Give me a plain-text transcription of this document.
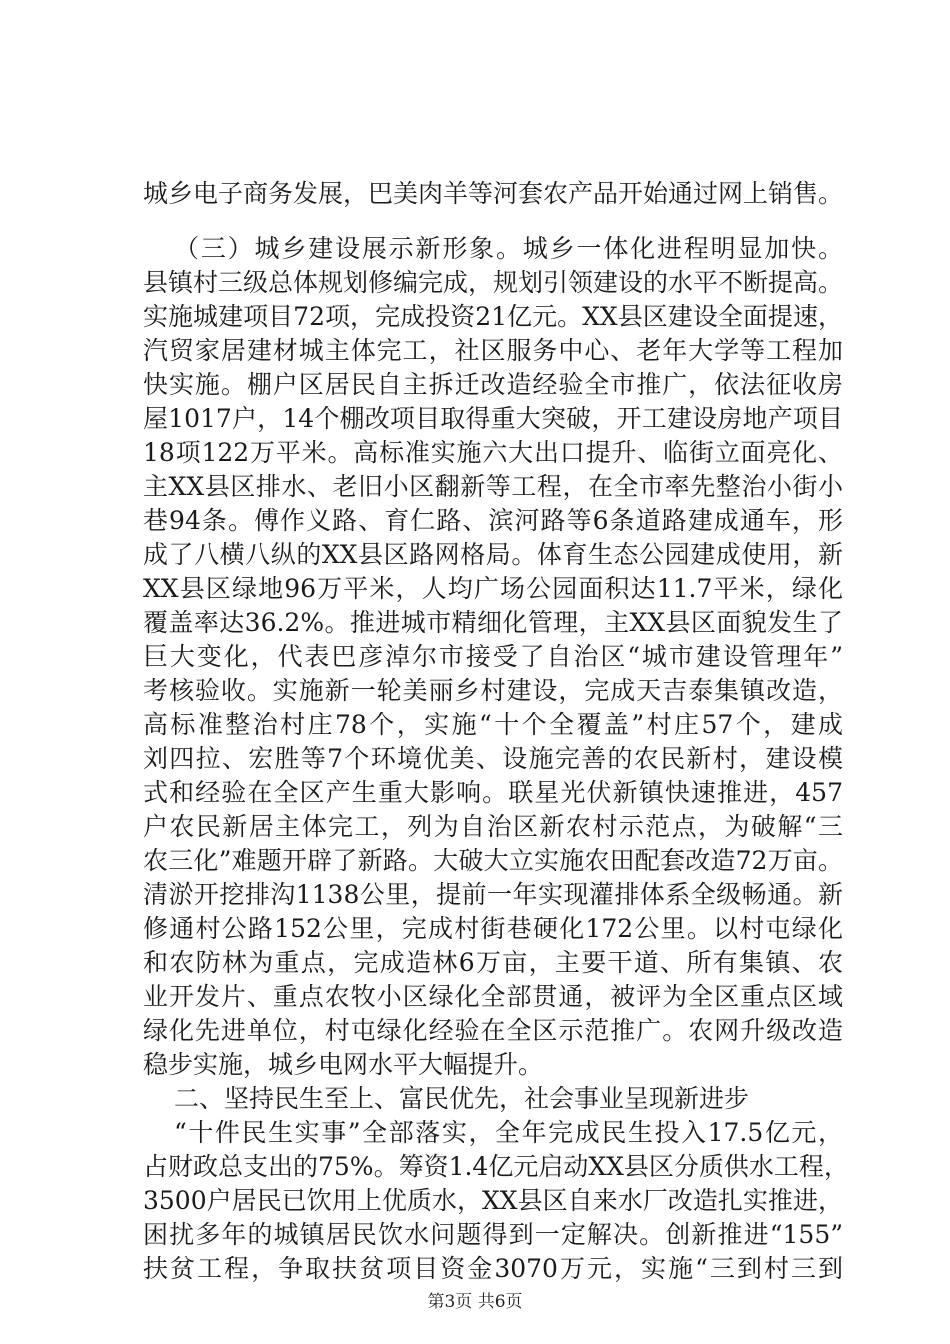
城乡电子商务发展，巴美肉羊等河套农产品开始通过网上销售。
（三）城乡建设展示新形象。城乡一体化进程明显加快。
县镇村三级总体规划修编完成，规划引领建设的水平不断提高。
实施城建项目72项，完成投资21亿元。XX县区建设全面提速，
汽贸家居建材城主体完工，社区服务中心、老年大学等工程加
快实施。棚户区居民自主拆迁改造经验全市推广，依法征收房
屋1017户，14个棚改项目取得重大突破，开工建设房地产项目
18项122万平米。高标准实施六大出口提升、临街立面亮化、
主XX县区排水、老旧小区翻新等工程，在全市率先整治小街小
巷94条。傅作义路、育仁路、滨河路等6条道路建成通车，形
成了八横八纵的XX县区路网格局。体育生态公园建成使用，新
XX县区绿地96万平米，人均广场公园面积达11.7平米，绿化
覆盖率达36.2%。推进城市精细化管理，主XX县区面貌发生了
巨大变化，代表巴彦淖尔市接受了自治区“城市建设管理年”
考核验收。实施新一轮美丽乡村建设，完成天吉泰集镇改造，
高标准整治村庄78个，实施“十个全覆盖”村庄57个，建成
刘四拉、宏胜等7个环境优美、设施完善的农民新村，建设模
式和经验在全区产生重大影响。联星光伏新镇快速推进，457
户农民新居主体完工，列为自治区新农村示范点，为破解“三
农三化”难题开辟了新路。大破大立实施农田配套改造72万亩。
清淤开挖排沟1138公里，提前一年实现灌排体系全级畅通。新
修通村公路152公里，完成村街巷硬化172公里。以村屯绿化
和农防林为重点，完成造林6万亩，主要干道、所有集镇、农
业开发片、重点农牧小区绿化全部贯通，被评为全区重点区域
绿化先进单位，村屯绿化经验在全区示范推广。农网升级改造
稳步实施，城乡电网水平大幅提升。
二、坚持民生至上、富民优先，社会事业呈现新进步
“十件民生实事”全部落实，全年完成民生投入17.5亿元，
占财政总支出的75%。筹资1.4亿元启动XX县区分质供水工程，
3500户居民已饮用上优质水，XX县区自来水厂改造扎实推进，
困扰多年的城镇居民饮水问题得到一定解决。创新推进“155”
扶贫工程，争取扶贫项目资金3070万元，实施“三到村三到
第3页 共6页
